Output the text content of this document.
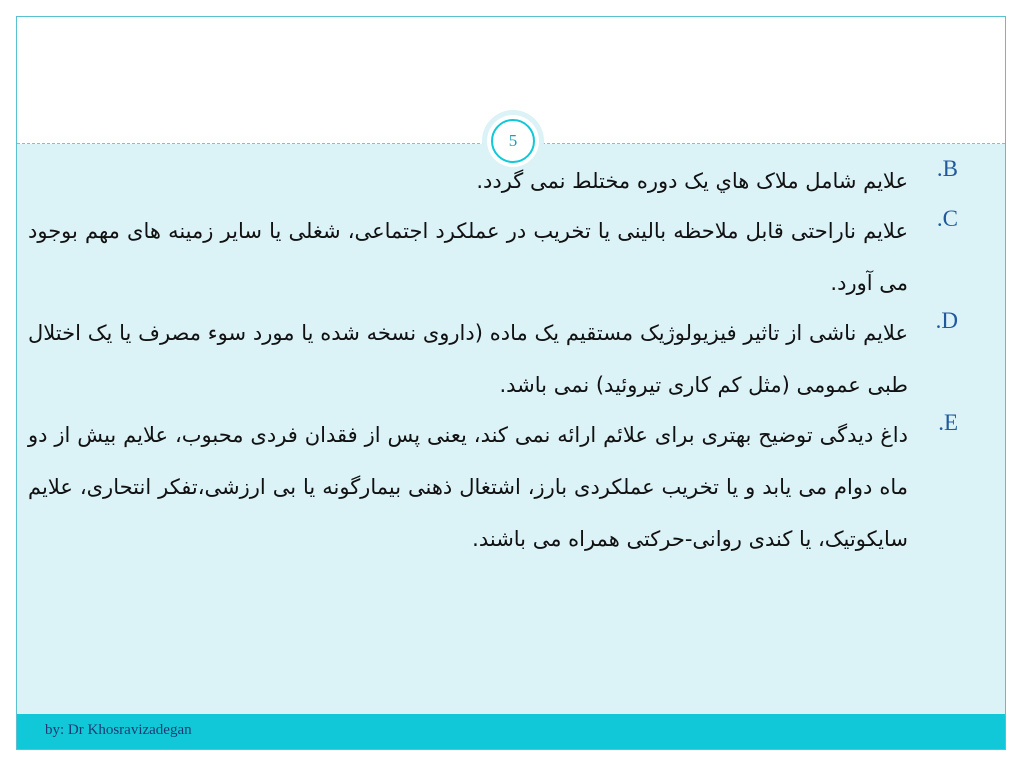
by: Dr Khosravizadegan
5
.B
علایم شامل ملاک هاي يک دوره مختلط نمی گردد.
.C
علایم ناراحتی قابل ملاحظه بالینی یا تخریب در عملکرد اجتماعی، شغلی یا سایر زمینه های مهم بوجود می آورد.
.D
علایم ناشی از تاثیر فیزیولوژیک مستقیم یک ماده (داروی نسخه شده یا مورد سوء مصرف یا یک اختلال طبی عمومی (مثل کم کاری تیروئید) نمی باشد.
.E
داغ دیدگی توضیح بهتری برای علائم ارائه نمی کند، یعنی پس از فقدان فردی محبوب، علایم بیش از دو ماه دوام می یابد و یا تخریب عملکردی بارز، اشتغال ذهنی بیمارگونه یا بی ارزشی،تفکر انتحاری، علایم سایکوتیک، یا کندی روانی-حرکتی همراه می باشند.
